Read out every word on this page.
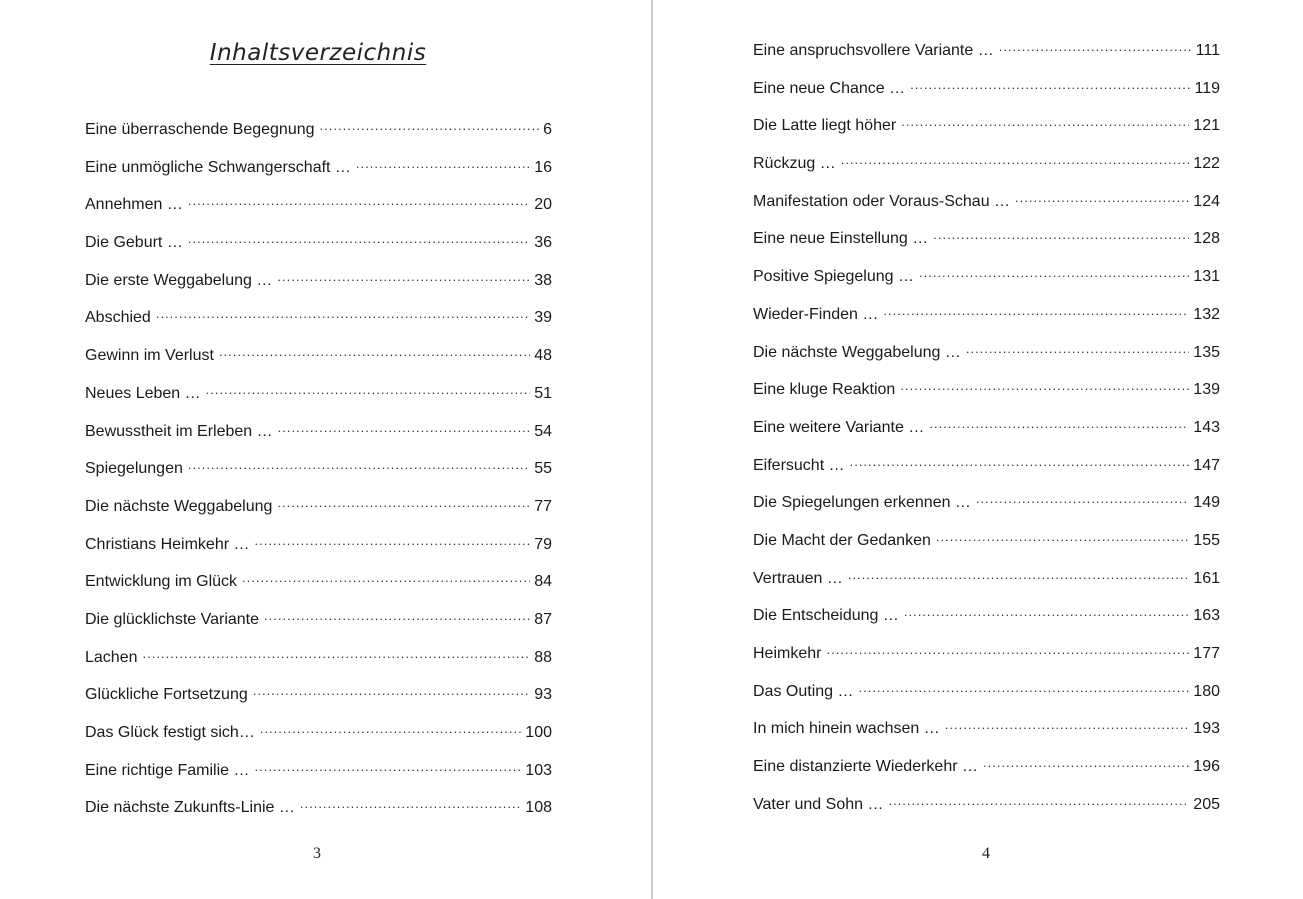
Inhaltsverzeichnis
Eine überraschende Begegnung .....	6
Eine unmögliche Schwangerschaft … .....	16
Annehmen … .....	20
Die Geburt … .....	36
Die erste Weggabelung … .....	38
Abschied .....	39
Gewinn im Verlust .....	48
Neues Leben … .....	51
Bewusstheit im Erleben … .....	54
Spiegelungen .....	55
Die nächste Weggabelung .....	77
Christians Heimkehr … .....	79
Entwicklung im Glück .....	84
Die glücklichste Variante .....	87
Lachen .....	88
Glückliche Fortsetzung .....	93
Das Glück festigt sich… .....	100
Eine richtige Familie … .....	103
Die nächste Zukunfts-Linie … .....	108
3
Eine anspruchsvollere Variante … .....	111
Eine neue Chance … .....	119
Die Latte liegt höher .....	121
Rückzug … .....	122
Manifestation oder Voraus-Schau … .....	124
Eine neue Einstellung … .....	128
Positive Spiegelung … .....	131
Wieder-Finden … .....	132
Die nächste Weggabelung … .....	135
Eine kluge Reaktion .....	139
Eine weitere Variante … .....	143
Eifersucht … .....	147
Die Spiegelungen erkennen … .....	149
Die Macht der Gedanken .....	155
Vertrauen … .....	161
Die Entscheidung … .....	163
Heimkehr .....	177
Das Outing … .....	180
In mich hinein wachsen … .....	193
Eine distanzierte Wiederkehr … .....	196
Vater und Sohn … .....	205
4
